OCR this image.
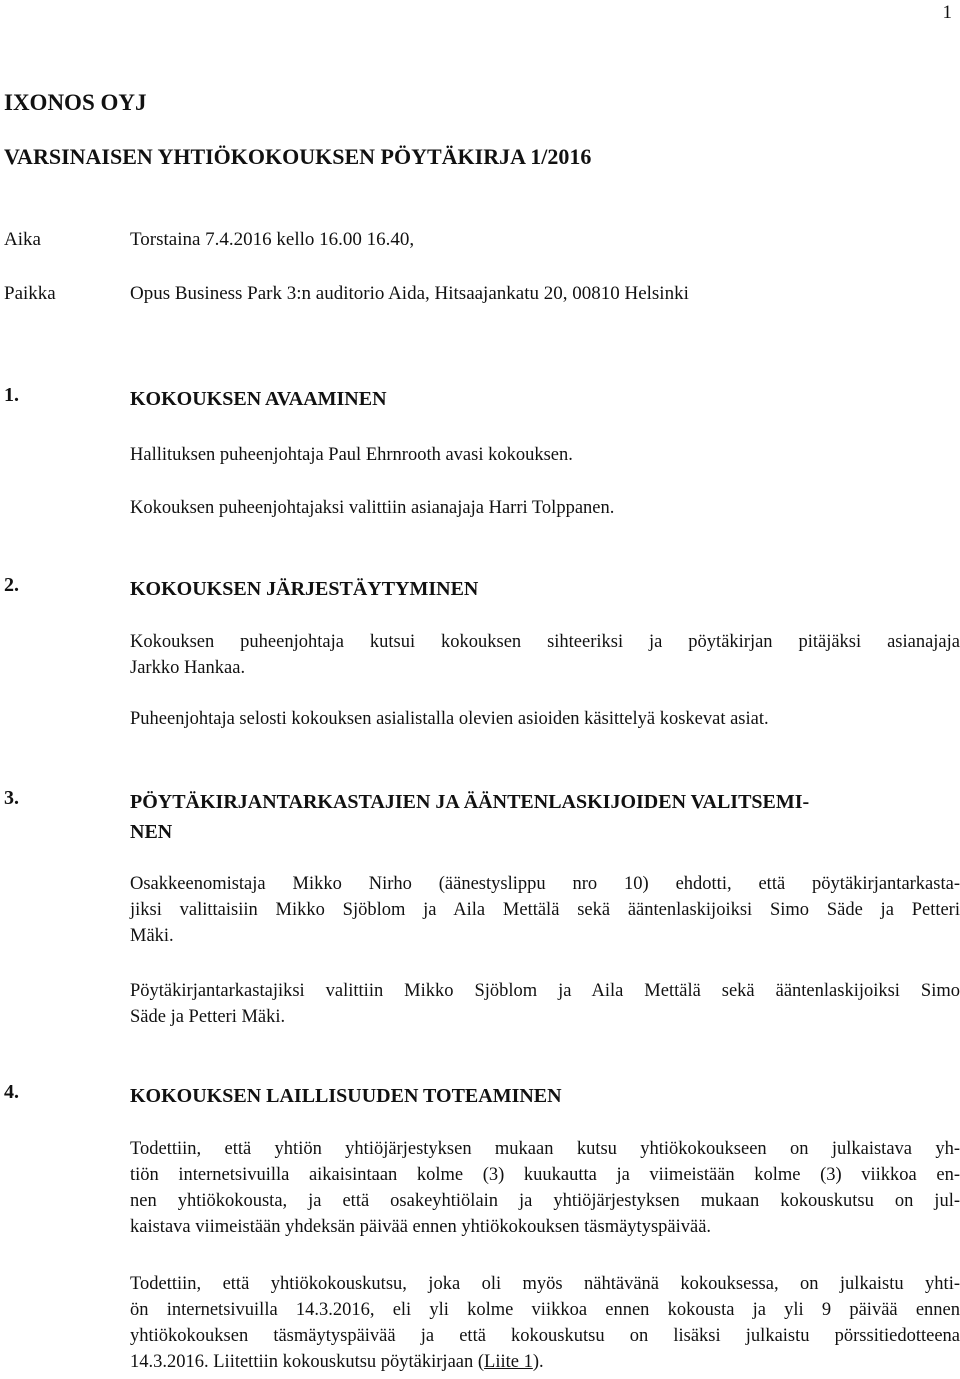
1
IXONOS OYJ
VARSINAISEN YHTIÖKOKOUKSEN PÖYTÄKIRJA 1/2016
Aika	Torstaina 7.4.2016 kello 16.00 16.40,
Paikka	Opus Business Park 3:n auditorio Aida, Hitsaajankatu 20, 00810 Helsinki
1.	KOKOUKSEN AVAAMINEN

Hallituksen puheenjohtaja Paul Ehrnrooth avasi kokouksen.

Kokouksen puheenjohtajaksi valittiin asianajaja Harri Tolppanen.

2.	KOKOUKSEN JÄRJESTÄYTYMINEN

Kokouksen puheenjohtaja kutsui kokouksen sihteeriksi ja pöytäkirjan pitäjäksi asianajaja
Jarkko Hankaa.

Puheenjohtaja selosti kokouksen asialistalla olevien asioiden käsittelyä koskevat asiat.

3.	PÖYTÄKIRJANTARKASTAJIEN JA ÄÄNTENLASKIJOIDEN VALITSEMI-
NEN

Osakkeenomistaja Mikko Nirho (äänestyslippu nro 10) ehdotti, että pöytäkirjantarkasta-
jiksi valittaisiin Mikko Sjöblom ja Aila Mettälä sekä ääntenlaskijoiksi Simo Säde ja Petteri
Mäki.

Pöytäkirjantarkastajiksi valittiin Mikko Sjöblom ja Aila Mettälä sekä ääntenlaskijoiksi Simo
Säde ja Petteri Mäki.

4.	KOKOUKSEN LAILLISUUDEN TOTEAMINEN

Todettiin, että yhtiön yhtiöjärjestyksen mukaan kutsu yhtiökokoukseen on julkaistava yh-
tiön internetsivuilla aikaisintaan kolme (3) kuukautta ja viimeistään kolme (3) viikkoa en-
nen yhtiökokousta, ja että osakeyhtiölain ja yhtiöjärjestyksen mukaan kokouskutsu on jul-
kaistava viimeistään yhdeksän päivää ennen yhtiökokouksen täsmäytyspäivää.

Todettiin, että yhtiökokouskutsu, joka oli myös nähtävänä kokouksessa, on julkaistu yhti-
ön internetsivuilla 14.3.2016, eli yli kolme viikkoa ennen kokousta ja yli 9 päivää ennen
yhtiökokouksen täsmäytyspäivää ja että kokouskutsu on lisäksi julkaistu pörssitiedotteena
14.3.2016. Liitettiin kokouskutsu pöytäkirjaan (Liite 1).
